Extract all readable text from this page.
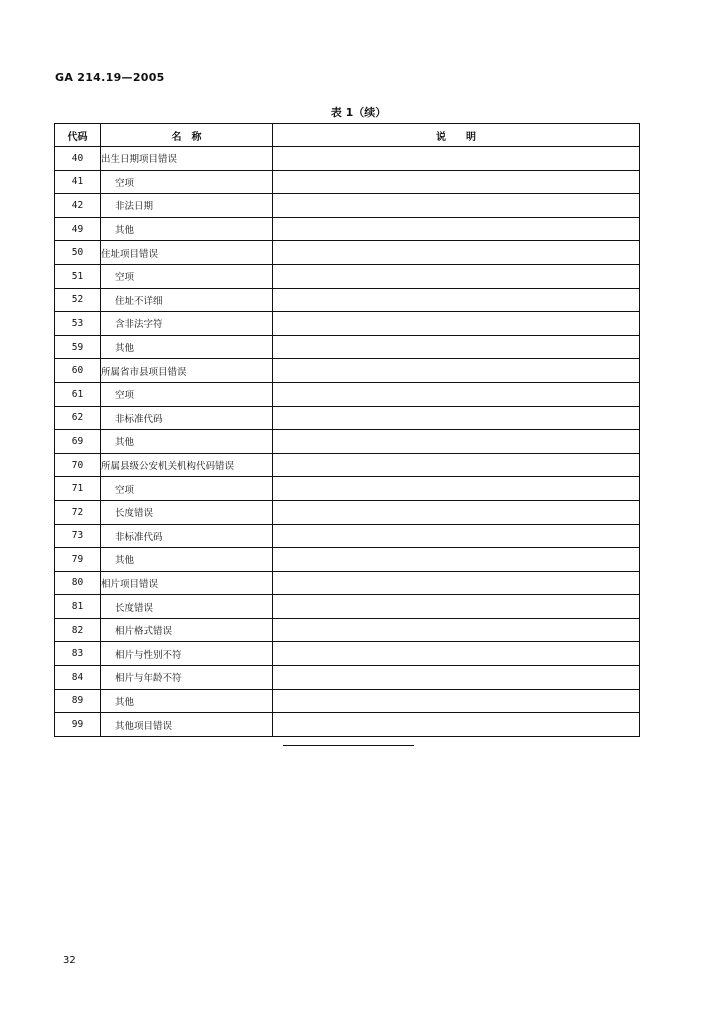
GA 214.19—2005
表 1（续）
代码	名　称	说　　明
40	出生日期项目错误	
41	空项	
42	非法日期	
49	其他	
50	住址项目错误	
51	空项	
52	住址不详细	
53	含非法字符	
59	其他	
60	所属省市县项目错误	
61	空项	
62	非标准代码	
69	其他	
70	所属县级公安机关机构代码错误	
71	空项	
72	长度错误	
73	非标准代码	
79	其他	
80	相片项目错误	
81	长度错误	
82	相片格式错误	
83	相片与性别不符	
84	相片与年龄不符	
89	其他	
99	其他项目错误	
32
